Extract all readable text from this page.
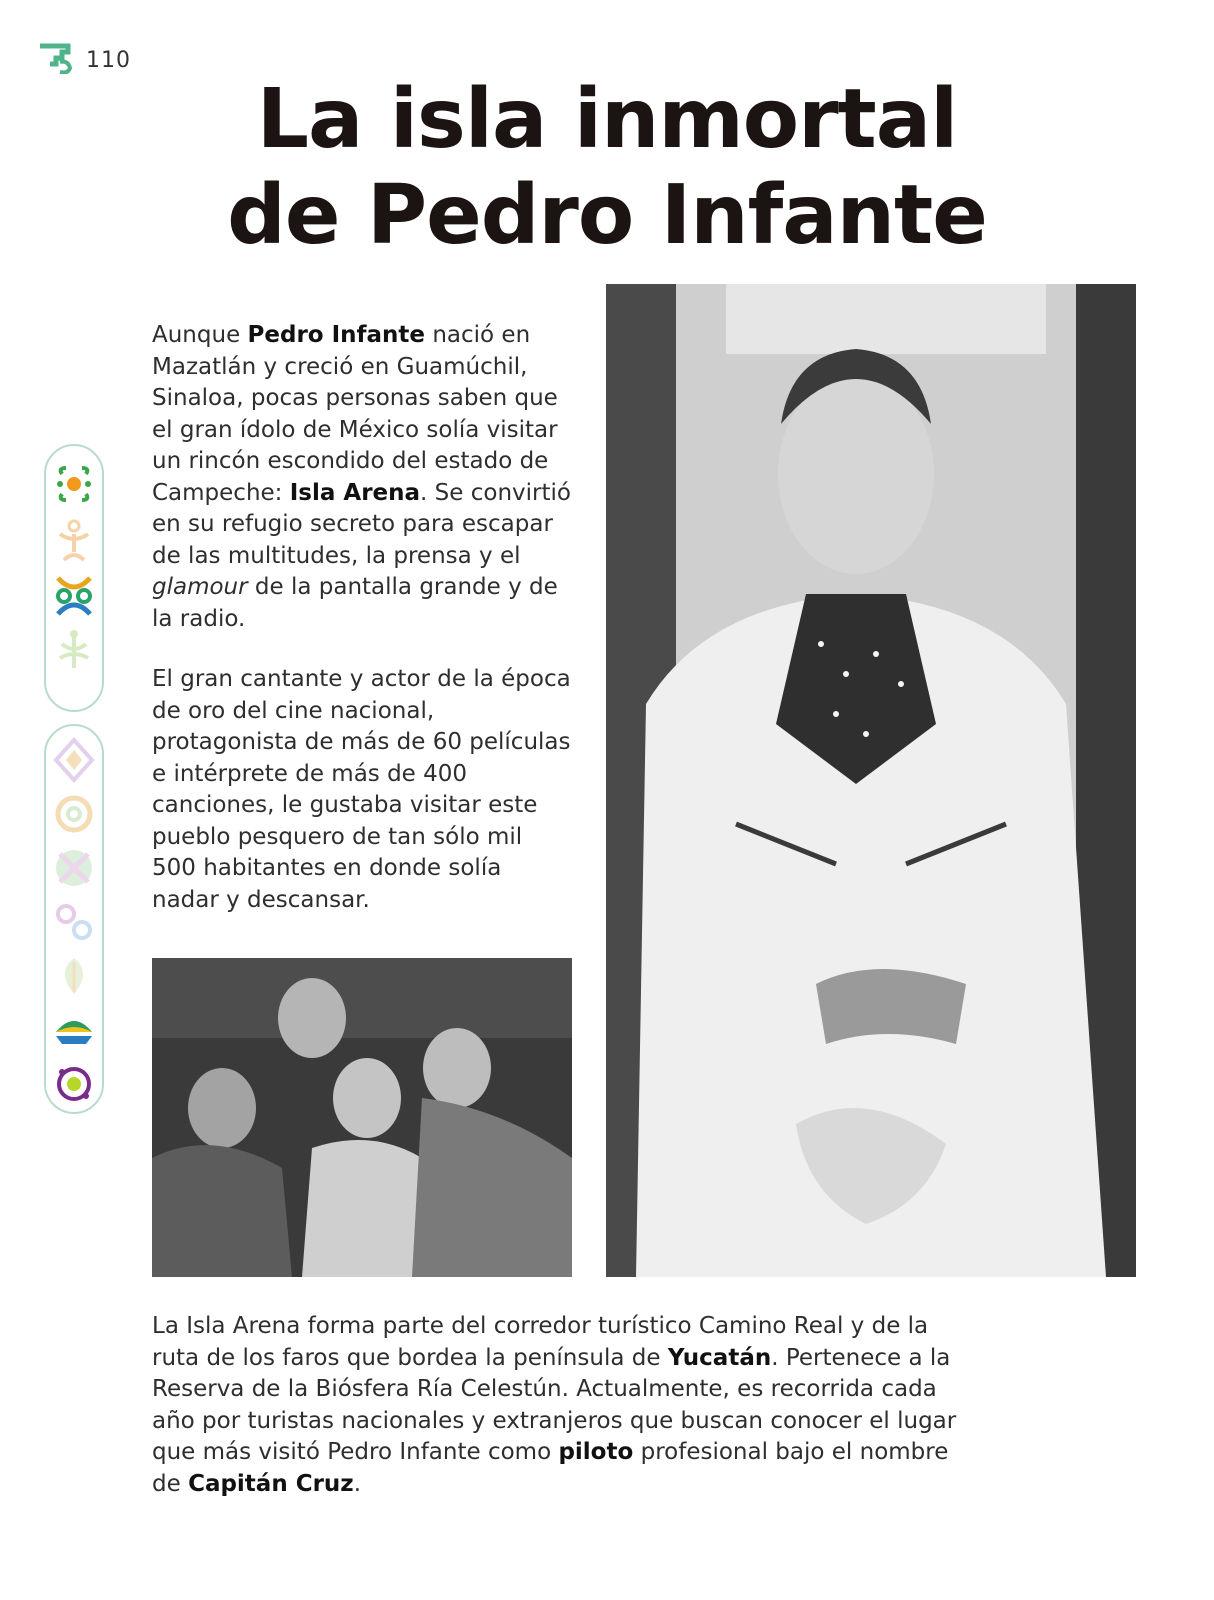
110
La isla inmortal
de Pedro Infante

Aunque Pedro Infante nació en Mazatlán y creció en Guamúchil, Sinaloa, pocas personas saben que el gran ídolo de México solía visitar un rincón escondido del estado de Campeche: Isla Arena. Se convirtió en su refugio secreto para escapar de las multitudes, la prensa y el glamour de la pantalla grande y de la radio.

El gran cantante y actor de la época de oro del cine nacional, protagonista de más de 60 películas e intérprete de más de 400 canciones, le gustaba visitar este pueblo pesquero de tan sólo mil 500 habitantes en donde solía nadar y descansar.

La Isla Arena forma parte del corredor turístico Camino Real y de la ruta de los faros que bordea la península de Yucatán. Pertenece a la Reserva de la Biósfera Ría Celestún. Actualmente, es recorrida cada año por turistas nacionales y extranjeros que buscan conocer el lugar que más visitó Pedro Infante como piloto profesional bajo el nombre de Capitán Cruz.
